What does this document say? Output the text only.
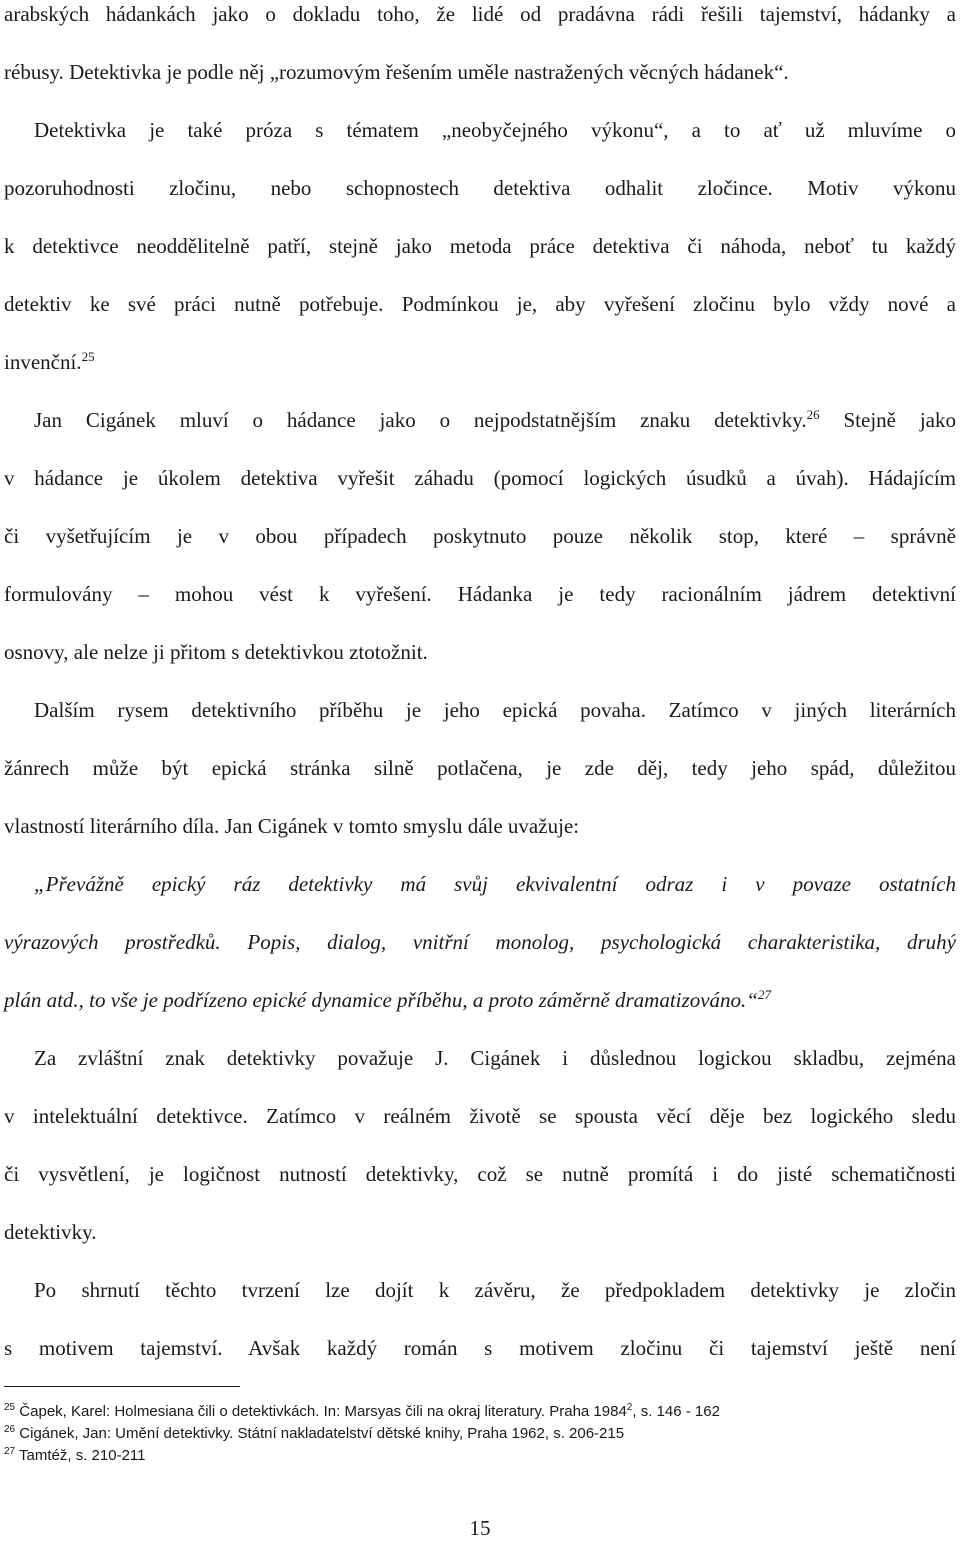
arabských hádankách jako o dokladu toho, že lidé od pradávna rádi řešili tajemství, hádanky a
rébusy. Detektivka je podle něj „rozumovým řešením uměle nastražených věcných hádanek“.
Detektivka je také próza s tématem „neobyčejného výkonu“, a to ať už mluvíme o
pozoruhodnosti zločinu, nebo schopnostech detektiva odhalit zločince. Motiv výkonu
k detektivce neoddělitelně patří, stejně jako metoda práce detektiva či náhoda, neboť tu každý
detektiv ke své práci nutně potřebuje. Podmínkou je, aby vyřešení zločinu bylo vždy nové a
invenční.$^{25}$
Jan Cigánek mluví o hádance jako o nejpodstatnějším znaku detektivky.$^{26}$ Stejně jako
v hádance je úkolem detektiva vyřešit záhadu (pomocí logických úsudků a úvah). Hádajícím
či vyšetřujícím je v obou případech poskytnuto pouze několik stop, které – správně
formulovány – mohou vést k vyřešení. Hádanka je tedy racionálním jádrem detektivní
osnovy, ale nelze ji přitom s detektivkou ztotožnit.
Dalším rysem detektivního příběhu je jeho epická povaha. Zatímco v jiných literárních
žánrech může být epická stránka silně potlačena, je zde děj, tedy jeho spád, důležitou
vlastností literárního díla. Jan Cigánek v tomto smyslu dále uvažuje:
„Převážně epický ráz detektivky má svůj ekvivalentní odraz i v povaze ostatních
výrazových prostředků. Popis, dialog, vnitřní monolog, psychologická charakteristika, druhý
plán atd., to vše je podřízeno epické dynamice příběhu, a proto záměrně dramatizováno.“$^{27}$
Za zvláštní znak detektivky považuje J. Cigánek i důslednou logickou skladbu, zejména
v intelektuální detektivce. Zatímco v reálném životě se spousta věcí děje bez logického sledu
či vysvětlení, je logičnost nutností detektivky, což se nutně promítá i do jisté schematičnosti
detektivky.
Po shrnutí těchto tvrzení lze dojít k závěru, že předpokladem detektivky je zločin
s motivem tajemství. Avšak každý román s motivem zločinu či tajemství ještě není
$^{25}$ Čapek, Karel: Holmesiana čili o detektivkách. In: Marsyas čili na okraj literatury. Praha 1984$^2$, s. 146 - 162
$^{26}$ Cigánek, Jan: Umění detektivky. Státní nakladatelství dětské knihy, Praha 1962, s. 206-215
$^{27}$ Tamtéž, s. 210-211
15
